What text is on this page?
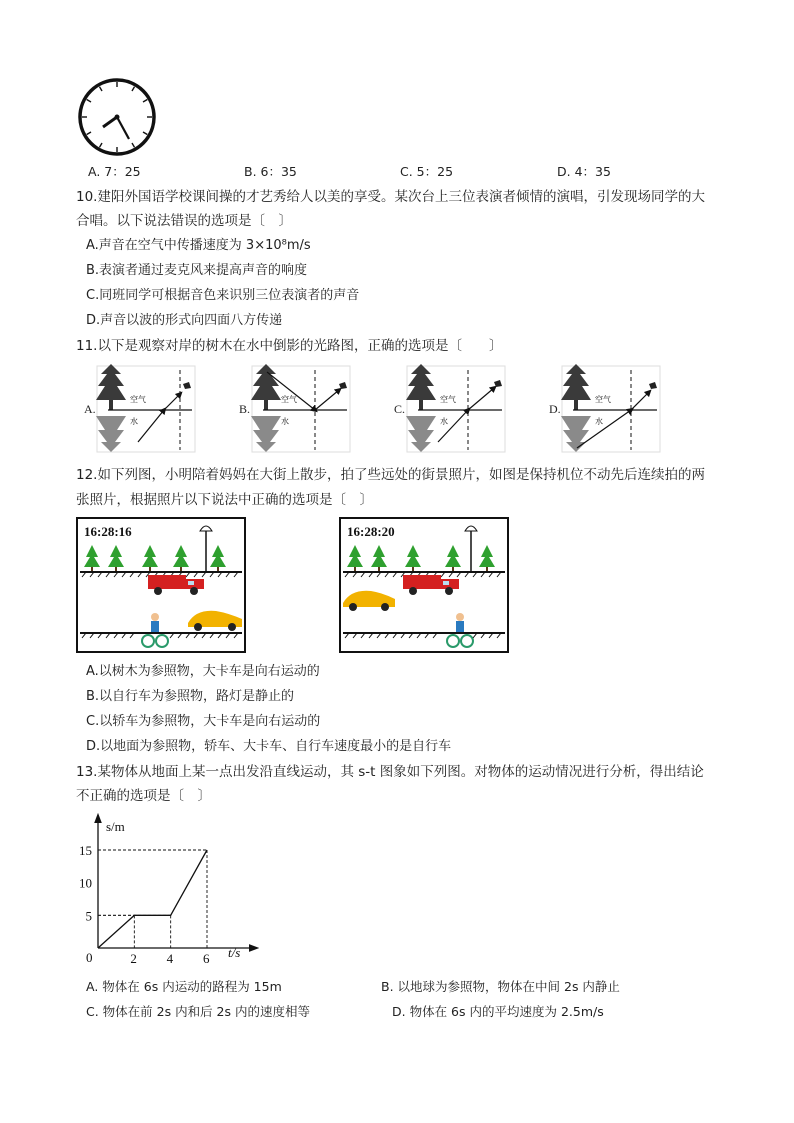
A. 7：25	B. 6：35	C. 5：25	D. 4：35
10.建阳外国语学校课间操的才艺秀给人以美的享受。某次台上三位表演者倾情的演唱，引发现场同学的大
合唱。以下说法错误的选项是〔　〕
A.声音在空气中传播速度为 3×10⁸m/s
B.表演者通过麦克风来提高声音的响度
C.同班同学可根据音色来识别三位表演者的声音
D.声音以波的形式向四面八方传递
11.以下是观察对岸的树木在水中倒影的光路图，正确的选项是〔　　〕
A.
空气
水
B.
空气
水
C.
空气
水
D.
空气
水
12.如下列图，小明陪着妈妈在大街上散步，拍了些远处的街景照片，如图是保持机位不动先后连续拍的两
张照片，根据照片以下说法中正确的选项是〔　〕
16:28:16	16:28:20
A.以树木为参照物，大卡车是向右运动的
B.以自行车为参照物，路灯是静止的
C.以轿车为参照物，大卡车是向右运动的
D.以地面为参照物，轿车、大卡车、自行车速度最小的是自行车
13.某物体从地面上某一点出发沿直线运动，其 s-t 图象如下列图。对物体的运动情况进行分析，得出结论
不正确的选项是〔　〕
s/m
t/s
0	2 4 6
5
10
15
A. 物体在 6s 内运动的路程为 15m	B. 以地球为参照物，物体在中间 2s 内静止
C. 物体在前 2s 内和后 2s 内的速度相等	D. 物体在 6s 内的平均速度为 2.5m/s
